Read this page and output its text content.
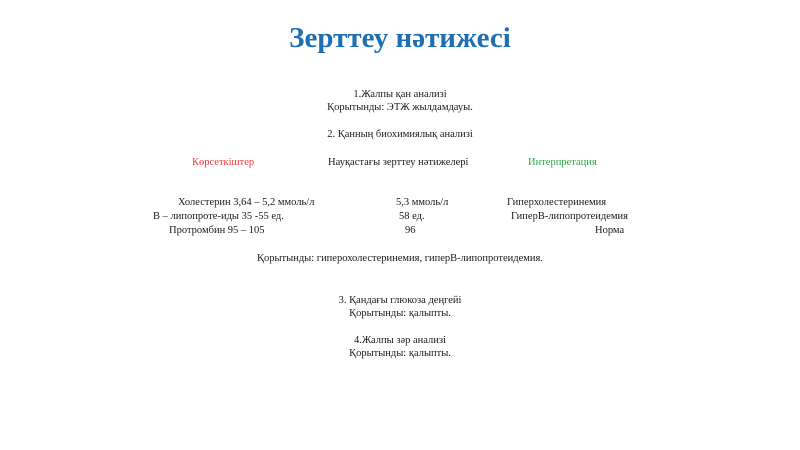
Зерттеу нәтижесі
1.Жалпы қан анализі
Қорытынды: ЭТЖ жылдамдауы.
2. Қанның биохимиялық анализі
Көрсеткіштер	Науқастағы зерттеу нәтижелері	Интерпретация
Холестерин 3,64 – 5,2 ммоль/л	5,3 ммоль/л	Гиперхолестеринемия
В – липопроте-иды 35 -55 ед.	58 ед.	ГиперВ-липопротеидемия
Протромбин 95 – 105	96	Норма
Қорытынды: гиперохолестеринемия, гиперВ-липопротеидемия.
3. Қандағы глюкоза деңгейі
Қорытынды: қалыпты.
4.Жалпы зәр анализі
Қорытынды: қалыпты.
